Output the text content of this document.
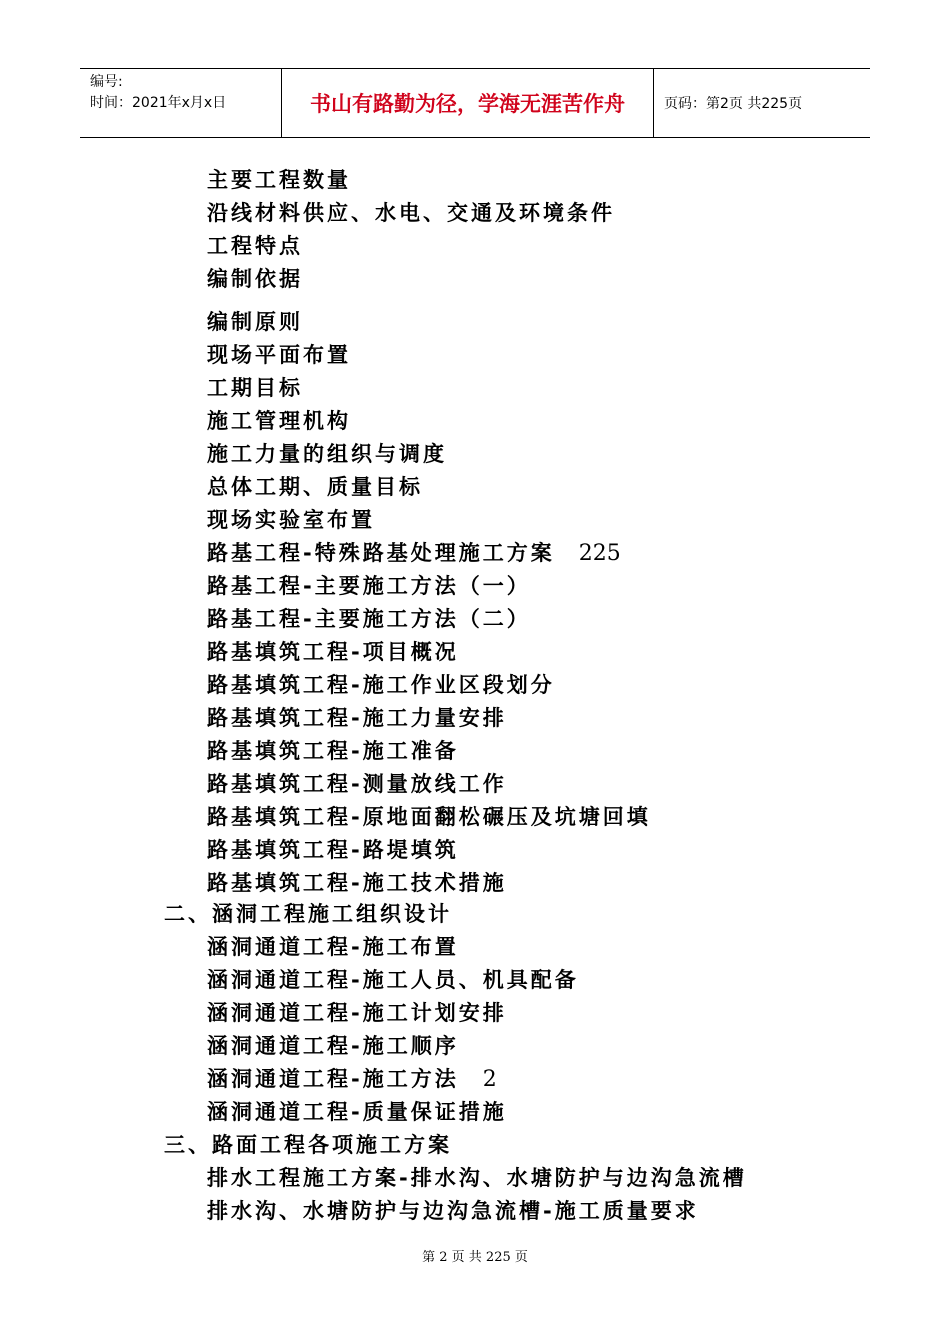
编号:
时间：2021年x月x日	书山有路勤为径，学海无涯苦作舟	页码：第2页 共225页
主要工程数量
沿线材料供应、水电、交通及环境条件
工程特点
编制依据
编制原则
现场平面布置
工期目标
施工管理机构
施工力量的组织与调度
总体工期、质量目标
现场实验室布置
路基工程-特殊路基处理施工方案 225
路基工程-主要施工方法（一）
路基工程-主要施工方法（二）
路基填筑工程-项目概况
路基填筑工程-施工作业区段划分
路基填筑工程-施工力量安排
路基填筑工程-施工准备
路基填筑工程-测量放线工作
路基填筑工程-原地面翻松碾压及坑塘回填
路基填筑工程-路堤填筑
路基填筑工程-施工技术措施
二、涵洞工程施工组织设计
涵洞通道工程-施工布置
涵洞通道工程-施工人员、机具配备
涵洞通道工程-施工计划安排
涵洞通道工程-施工顺序
涵洞通道工程-施工方法 2
涵洞通道工程-质量保证措施
三、路面工程各项施工方案
排水工程施工方案-排水沟、水塘防护与边沟急流槽
排水沟、水塘防护与边沟急流槽-施工质量要求
第 2 页 共 225 页
